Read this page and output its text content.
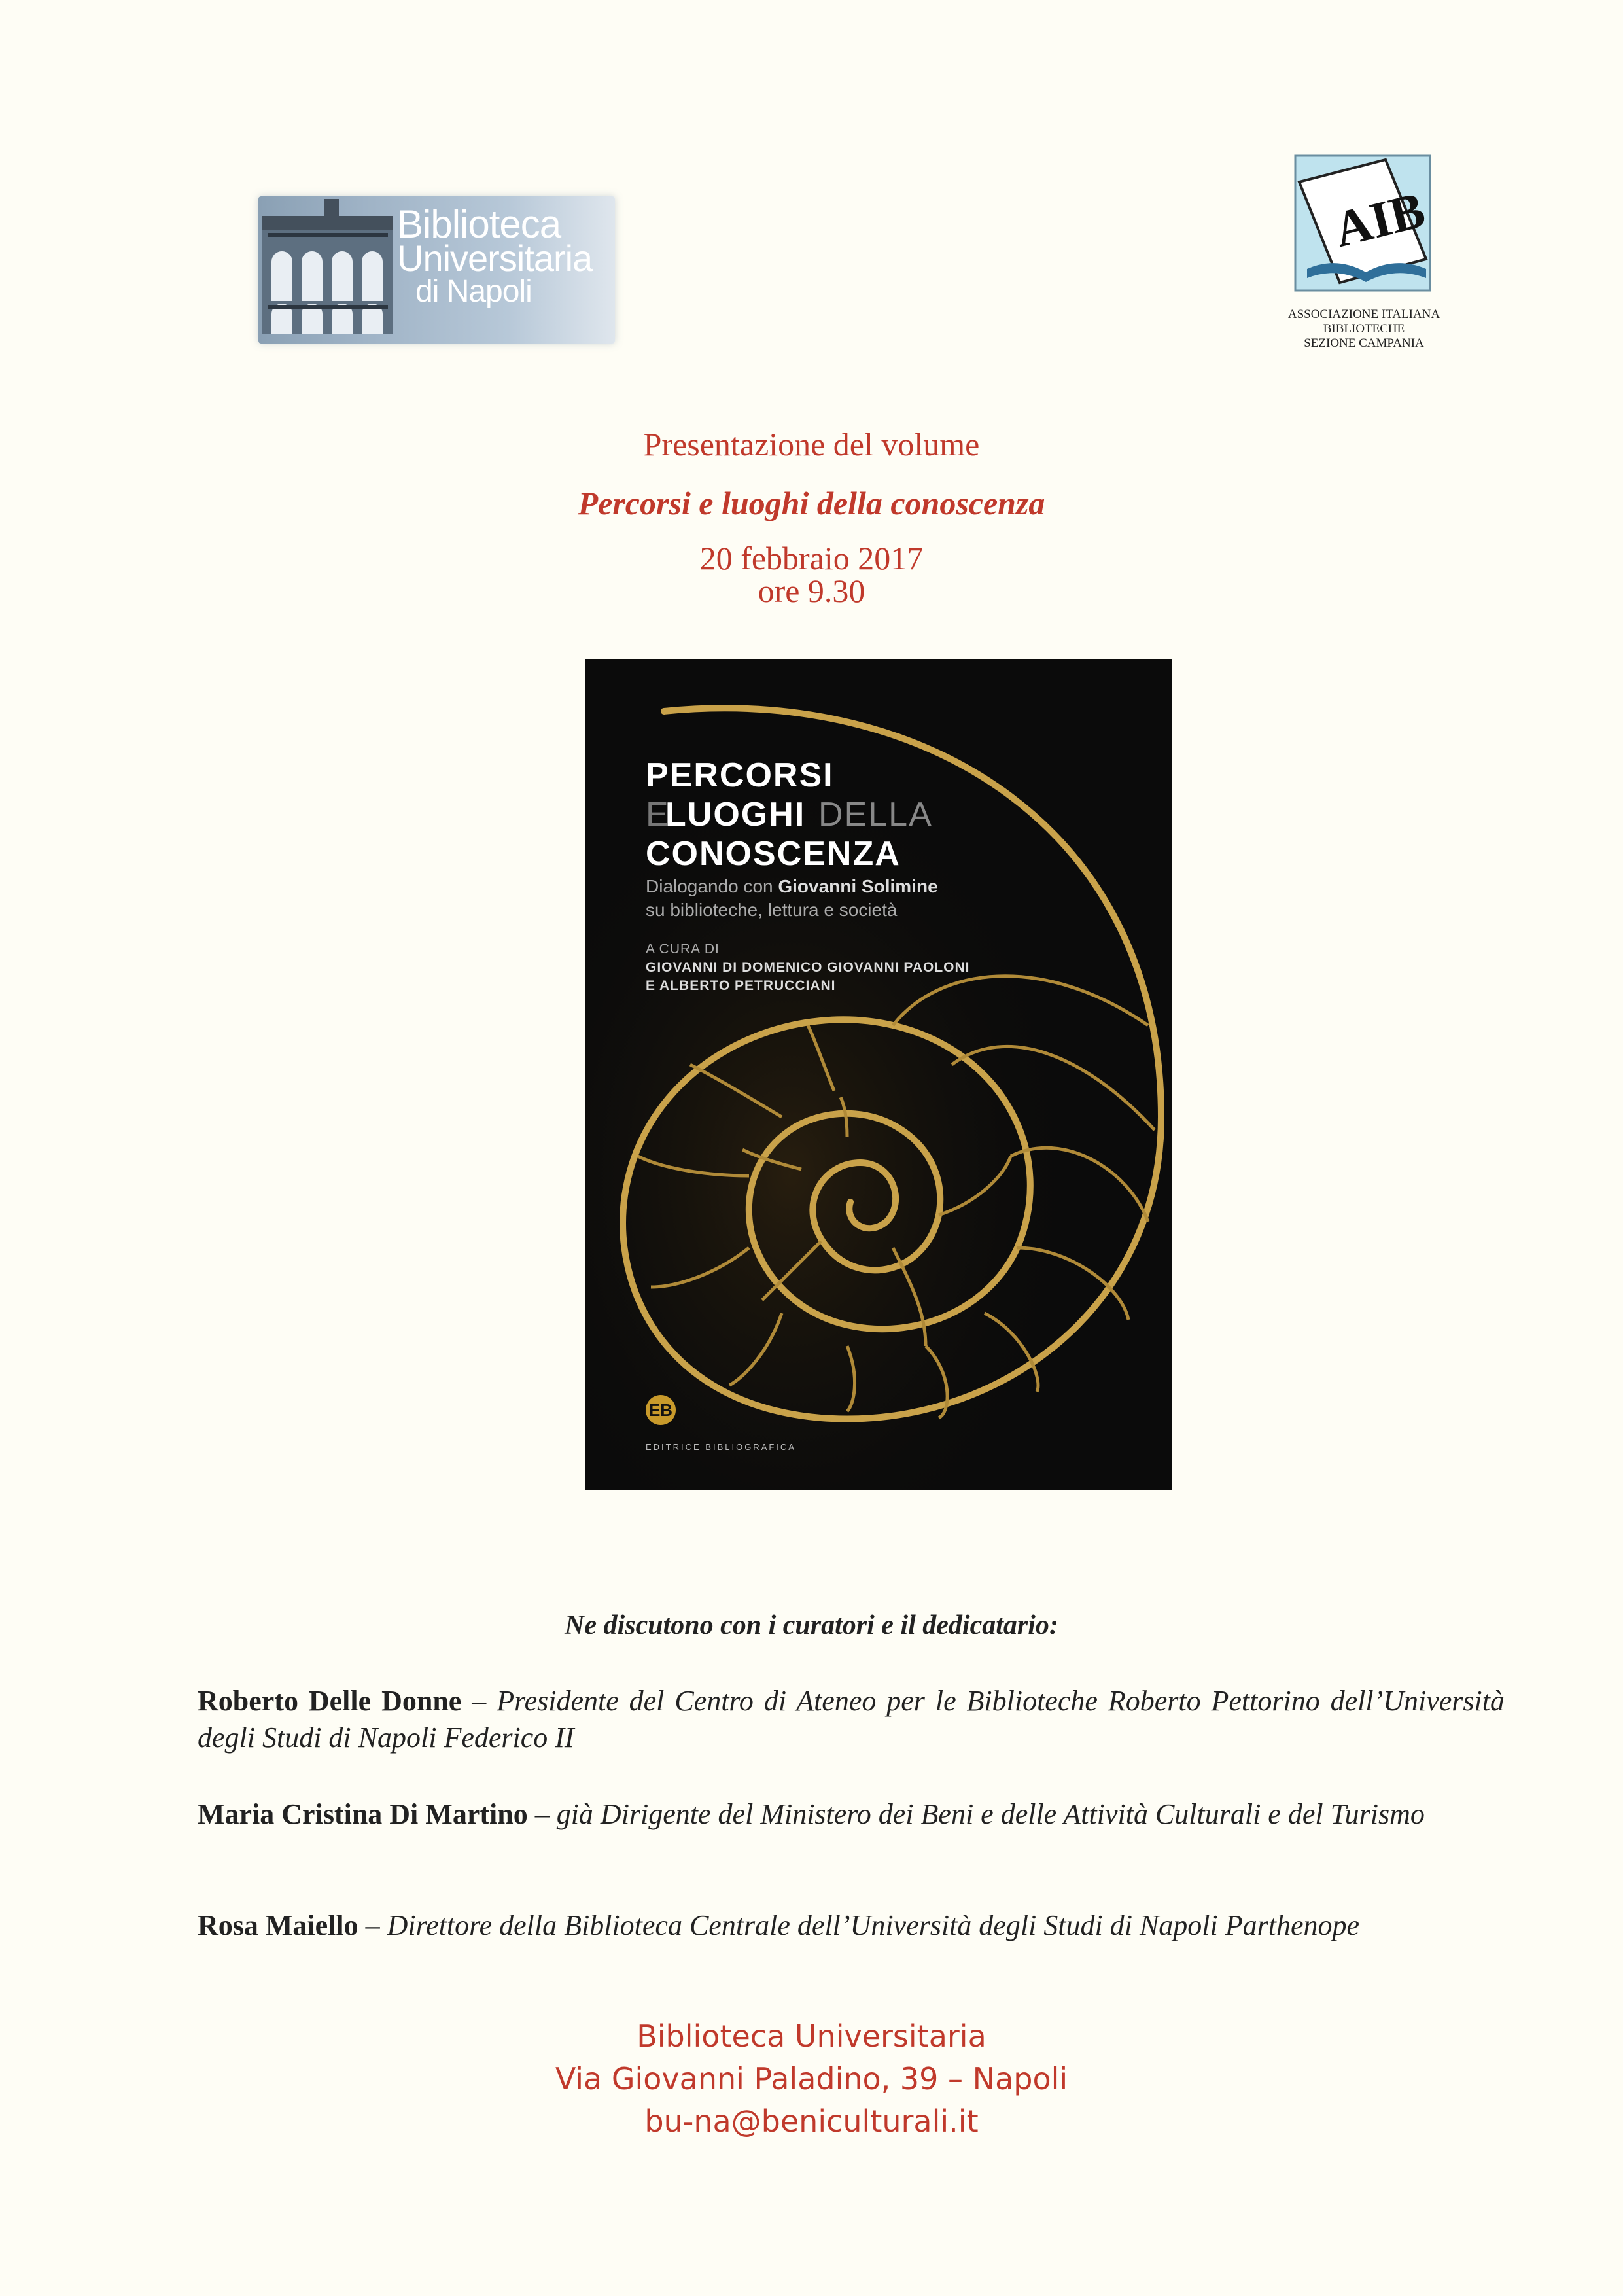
Biblioteca
Universitaria
di Napoli
AIB
ASSOCIAZIONE ITALIANA
BIBLIOTECHE
SEZIONE CAMPANIA
Presentazione del volume
Percorsi e luoghi della conoscenza
20 febbraio 2017
ore 9.30
PERCORSI
E
LUOGHI DELLA
CONOSCENZA
Dialogando con Giovanni Solimine
su biblioteche, lettura e società
A CURA DI
GIOVANNI DI DOMENICO GIOVANNI PAOLONI
E ALBERTO PETRUCCIANI
EB
EDITRICE BIBLIOGRAFICA
Ne discutono con i curatori e il dedicatario:
Roberto Delle Donne – Presidente del Centro di Ateneo per le Biblioteche Roberto Pettorino dell’Università degli Studi di Napoli Federico II
Maria Cristina Di Martino – già Dirigente del Ministero dei Beni e delle Attività Culturali e del Turismo
Rosa Maiello – Direttore della Biblioteca Centrale dell’Università degli Studi di Napoli Parthenope
Biblioteca Universitaria
Via Giovanni Paladino, 39 – Napoli
bu-na@beniculturali.it
